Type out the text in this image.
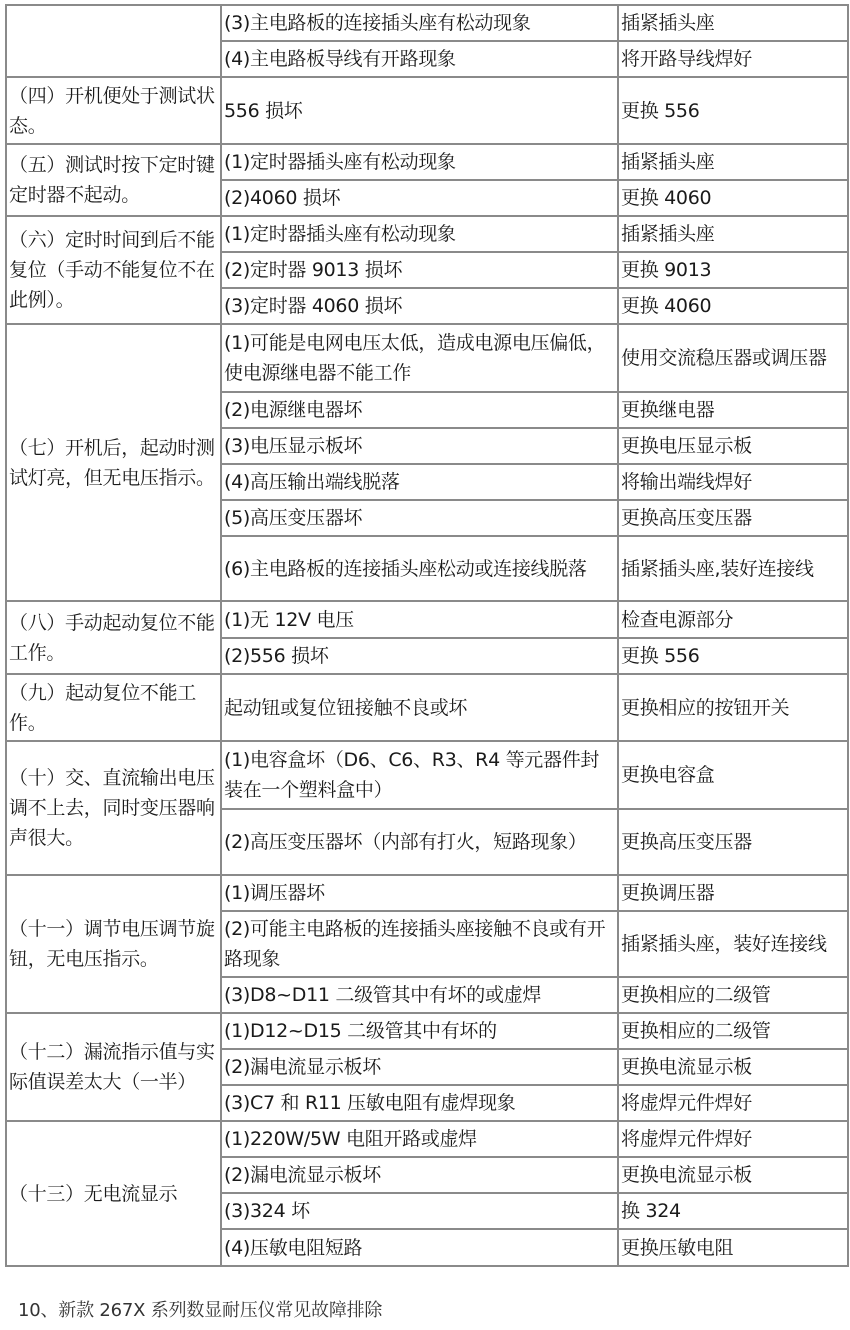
	(3)主电路板的连接插头座有松动现象	插紧插头座
	(4)主电路板导线有开路现象	将开路导线焊好
（四）开机便处于测试状态。	556 损坏	更换 556
（五）测试时按下定时键定时器不起动。	(1)定时器插头座有松动现象	插紧插头座
	(2)4060 损坏	更换 4060
（六）定时时间到后不能复位（手动不能复位不在此例）。	(1)定时器插头座有松动现象	插紧插头座
	(2)定时器 9013 损坏	更换 9013
	(3)定时器 4060 损坏	更换 4060
（七）开机后，起动时测试灯亮，但无电压指示。	(1)可能是电网电压太低，造成电源电压偏低，使电源继电器不能工作	使用交流稳压器或调压器
	(2)电源继电器坏	更换继电器
	(3)电压显示板坏	更换电压显示板
	(4)高压输出端线脱落	将输出端线焊好
	(5)高压变压器坏	更换高压变压器
	(6)主电路板的连接插头座松动或连接线脱落	插紧插头座,装好连接线
（八）手动起动复位不能工作。	(1)无 12V 电压	检查电源部分
	(2)556 损坏	更换 556
（九）起动复位不能工作。	起动钮或复位钮接触不良或坏	更换相应的按钮开关
（十）交、直流输出电压调不上去，同时变压器响声很大。	(1)电容盒坏（D6、C6、R3、R4 等元器件封装在一个塑料盒中）	更换电容盒
	(2)高压变压器坏（内部有打火，短路现象）	更换高压变压器
（十一）调节电压调节旋钮，无电压指示。	(1)调压器坏	更换调压器
	(2)可能主电路板的连接插头座接触不良或有开路现象	插紧插头座，装好连接线
	(3)D8~D11 二级管其中有坏的或虚焊	更换相应的二级管
（十二）漏流指示值与实际值误差太大（一半）	(1)D12~D15 二级管其中有坏的	更换相应的二级管
	(2)漏电流显示板坏	更换电流显示板
	(3)C7 和 R11 压敏电阻有虚焊现象	将虚焊元件焊好
（十三）无电流显示	(1)220W/5W 电阻开路或虚焊	将虚焊元件焊好
	(2)漏电流显示板坏	更换电流显示板
	(3)324 坏	换 324
	(4)压敏电阻短路	更换压敏电阻
10、新款 267X 系列数显耐压仪常见故障排除
